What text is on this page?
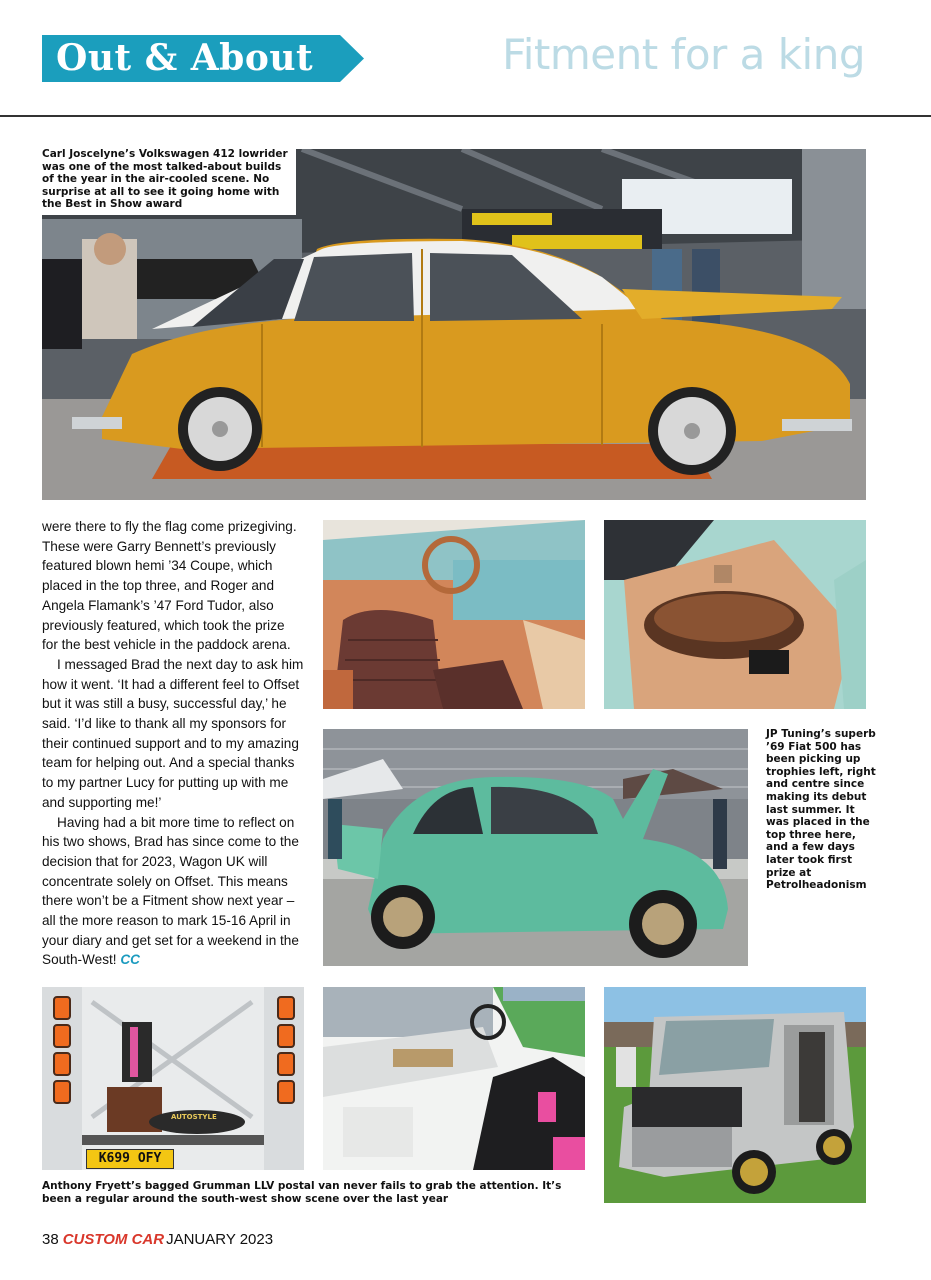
Out & About	Fitment for a king
Carl Joscelyne’s Volkswagen 412 lowrider was one of the most talked-about builds of the year in the air-cooled scene. No surprise at all to see it going home with the Best in Show award

were there to fly the flag come prizegiving. These were Garry Bennett’s previously featured blown hemi ’34 Coupe, which placed in the top three, and Roger and Angela Flamank’s ’47 Ford Tudor, also previously featured, which took the prize for the best vehicle in the paddock arena.

I messaged Brad the next day to ask him how it went. ‘It had a different feel to Offset but it was still a busy, successful day,’ he said. ‘I’d like to thank all my sponsors for their continued support and to my amazing team for helping out. And a special thanks to my partner Lucy for putting up with me and supporting me!’

Having had a bit more time to reflect on his two shows, Brad has since come to the decision that for 2023, Wagon UK will concentrate solely on Offset. This means there won’t be a Fitment show next year – all the more reason to mark 15-16 April in your diary and get set for a weekend in the South-West! CC

JP Tuning’s superb ’69 Fiat 500 has been picking up trophies left, right and centre since making its debut last summer. It was placed in the top three here, and a few days later took first prize at Petrolheadonism
AUTOSTYLE
K699 OFY
Anthony Fryett’s bagged Grumman LLV postal van never fails to grab the attention. It’s been a regular around the south-west show scene over the last year
38 CUSTOM CAR JANUARY 2023
